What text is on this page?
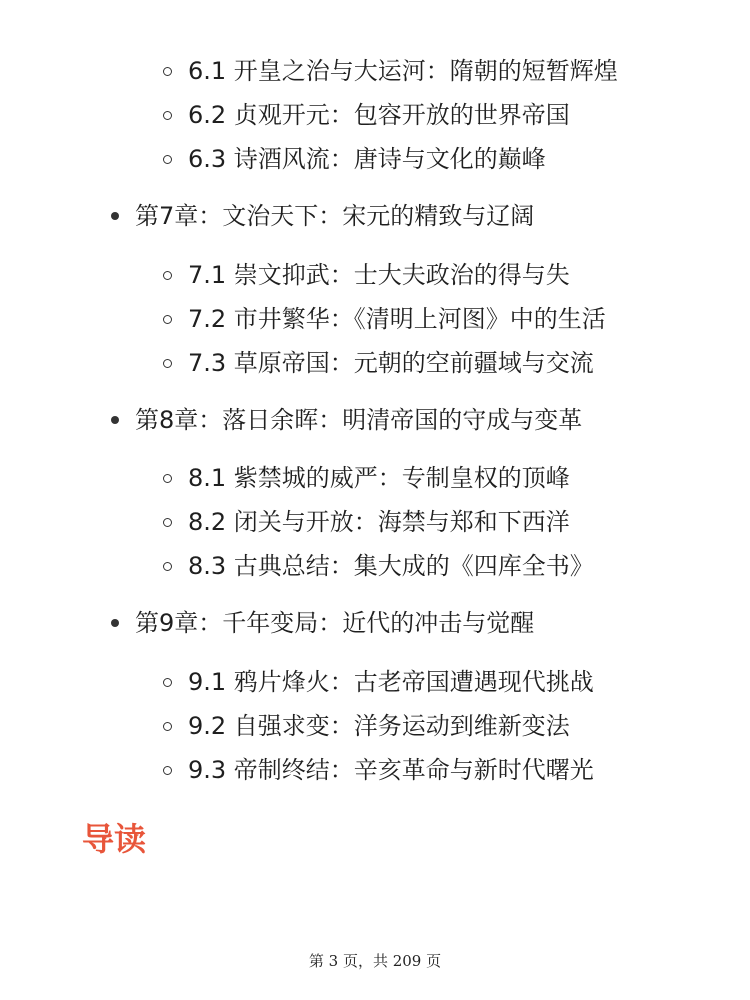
6.1 开皇之治与大运河：隋朝的短暂辉煌
6.2 贞观开元：包容开放的世界帝国
6.3 诗酒风流：唐诗与文化的巅峰
第7章：文治天下：宋元的精致与辽阔
7.1 崇文抑武：士大夫政治的得与失
7.2 市井繁华：《清明上河图》中的生活
7.3 草原帝国：元朝的空前疆域与交流
第8章：落日余晖：明清帝国的守成与变革
8.1 紫禁城的威严：专制皇权的顶峰
8.2 闭关与开放：海禁与郑和下西洋
8.3 古典总结：集大成的《四库全书》
第9章：千年变局：近代的冲击与觉醒
9.1 鸦片烽火：古老帝国遭遇现代挑战
9.2 自强求变：洋务运动到维新变法
9.3 帝制终结：辛亥革命与新时代曙光
导读
第 3 页，共 209 页
